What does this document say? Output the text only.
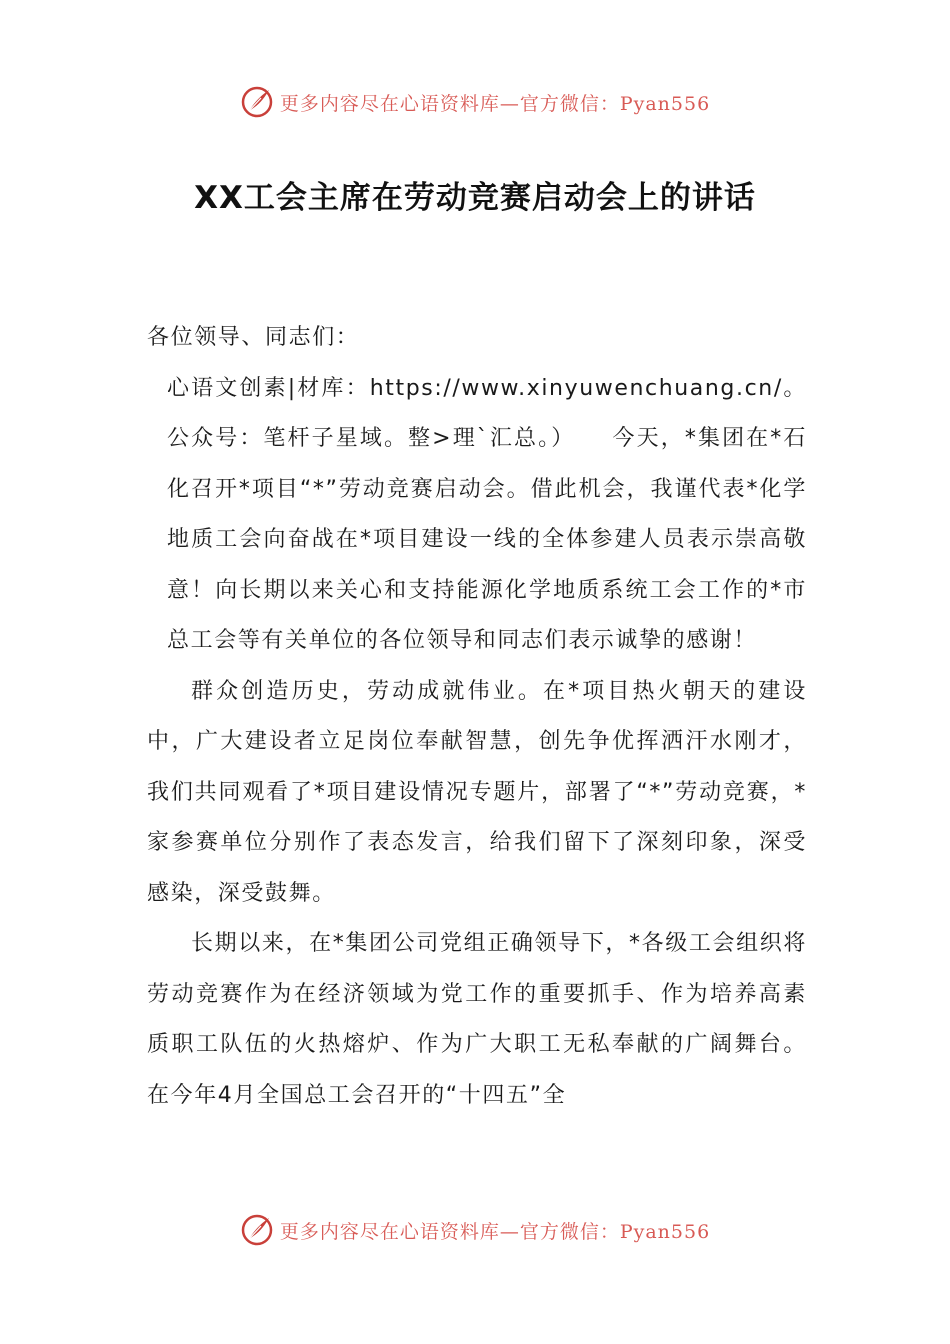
更多内容尽在心语资料库—官方微信：Pyan556
XX工会主席在劳动竞赛启动会上的讲话

各位领导、同志们：

心语文创素|材库：https://www.xinyuwenchuang.cn/。公众号：笔杆子星域。整>理`汇总。）　　今天，*集团在*石化召开*项目“*”劳动竞赛启动会。借此机会，我谨代表*化学地质工会向奋战在*项目建设一线的全体参建人员表示崇高敬意！向长期以来关心和支持能源化学地质系统工会工作的*市总工会等有关单位的各位领导和同志们表示诚挚的感谢！

群众创造历史，劳动成就伟业。在*项目热火朝天的建设中，广大建设者立足岗位奉献智慧，创先争优挥洒汗水刚才，我们共同观看了*项目建设情况专题片，部署了“*”劳动竞赛，*家参赛单位分别作了表态发言，给我们留下了深刻印象，深受感染，深受鼓舞。

长期以来，在*集团公司党组正确领导下，*各级工会组织将劳动竞赛作为在经济领域为党工作的重要抓手、作为培养高素质职工队伍的火热熔炉、作为广大职工无私奉献的广阔舞台。在今年4月全国总工会召开的“十四五”全

更多内容尽在心语资料库—官方微信：Pyan556
